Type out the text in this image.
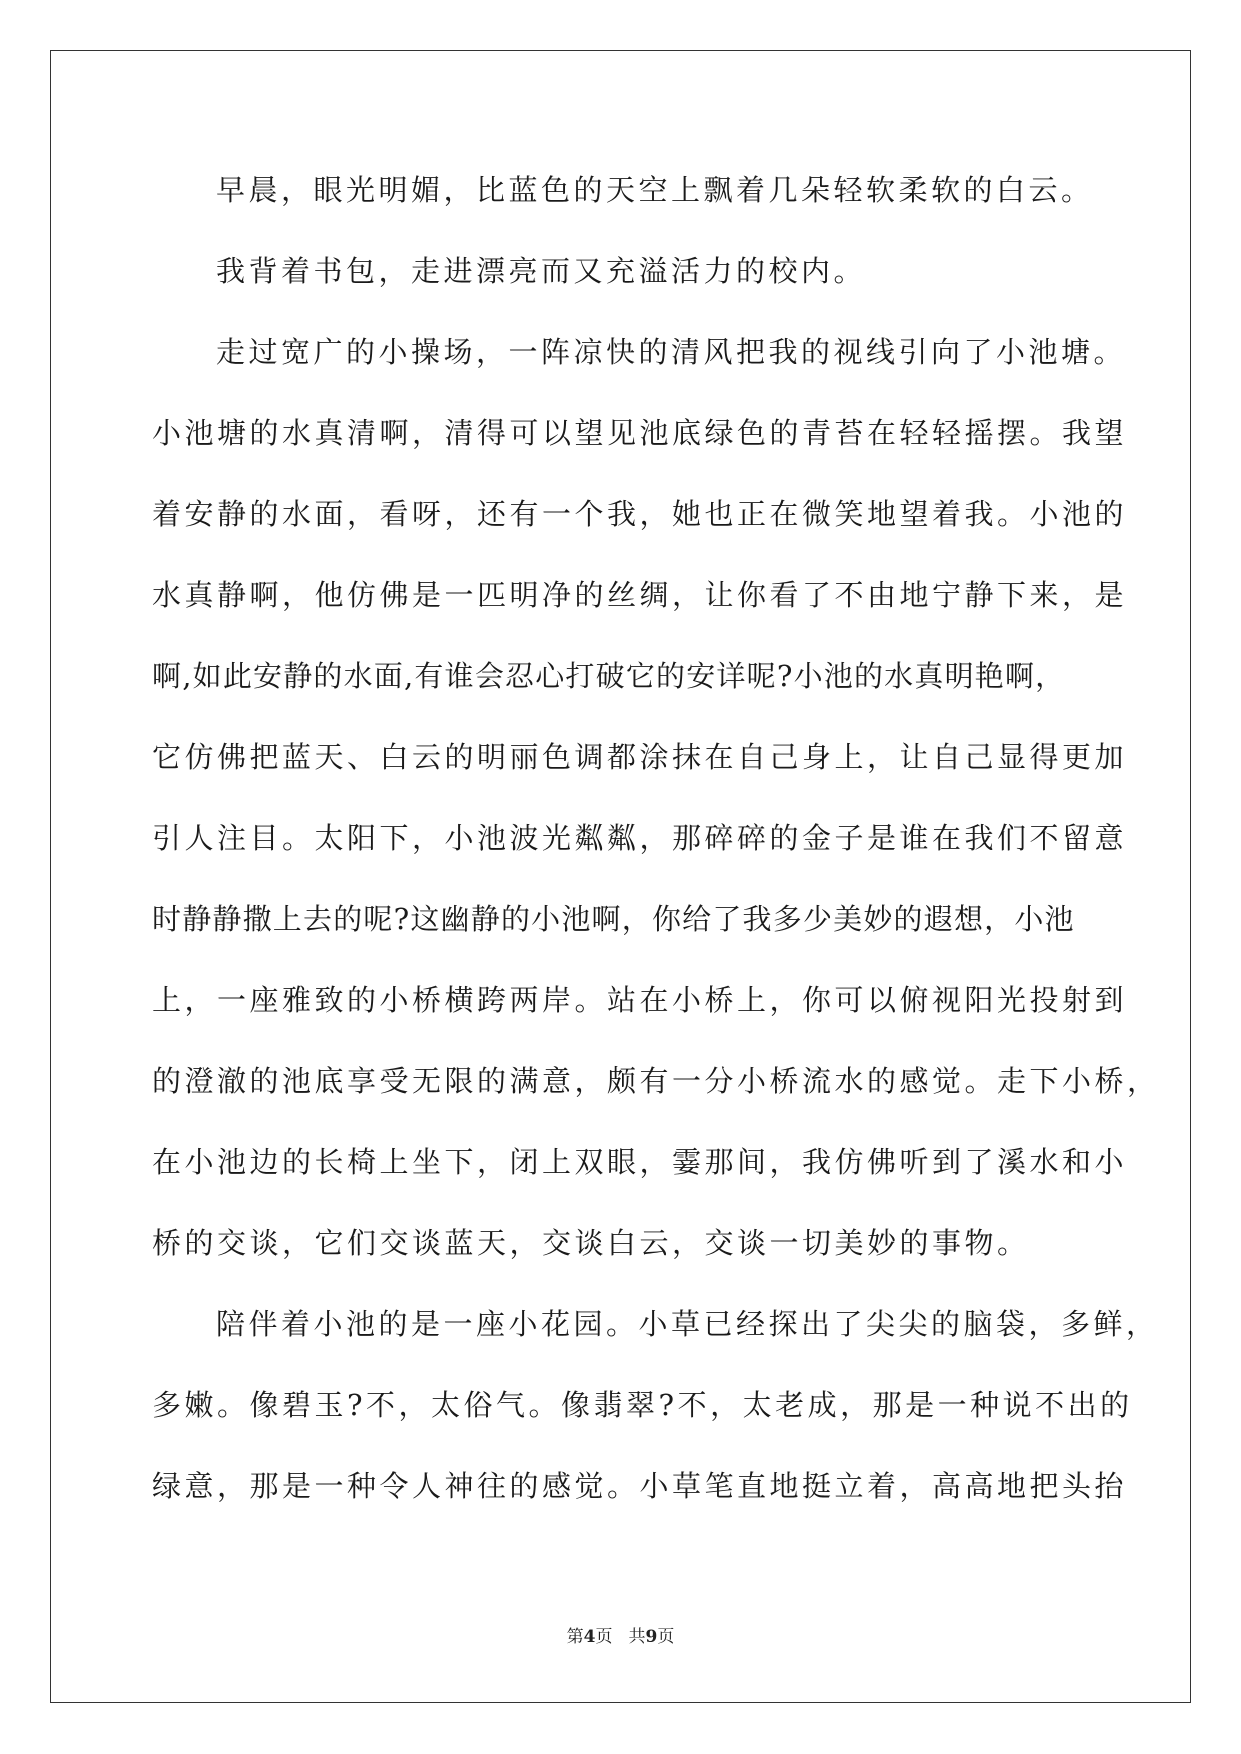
早晨，眼光明媚，比蓝色的天空上飘着几朵轻软柔软的白云。
我背着书包，走进漂亮而又充溢活力的校内。
走过宽广的小操场，一阵凉快的清风把我的视线引向了小池塘。
小池塘的水真清啊，清得可以望见池底绿色的青苔在轻轻摇摆。我望
着安静的水面，看呀，还有一个我，她也正在微笑地望着我。小池的
水真静啊，他仿佛是一匹明净的丝绸，让你看了不由地宁静下来，是
啊,如此安静的水面,有谁会忍心打破它的安详呢?小池的水真明艳啊，
它仿佛把蓝天、白云的明丽色调都涂抹在自己身上，让自己显得更加
引人注目。太阳下，小池波光粼粼，那碎碎的金子是谁在我们不留意
时静静撒上去的呢?这幽静的小池啊，你给了我多少美妙的遐想，小池
上，一座雅致的小桥横跨两岸。站在小桥上，你可以俯视阳光投射到
的澄澈的池底享受无限的满意，颇有一分小桥流水的感觉。走下小桥，
在小池边的长椅上坐下，闭上双眼，霎那间，我仿佛听到了溪水和小
桥的交谈，它们交谈蓝天，交谈白云，交谈一切美妙的事物。
陪伴着小池的是一座小花园。小草已经探出了尖尖的脑袋，多鲜，
多嫩。像碧玉?不，太俗气。像翡翠?不，太老成，那是一种说不出的
绿意，那是一种令人神往的感觉。小草笔直地挺立着，高高地把头抬
第4页 共9页
